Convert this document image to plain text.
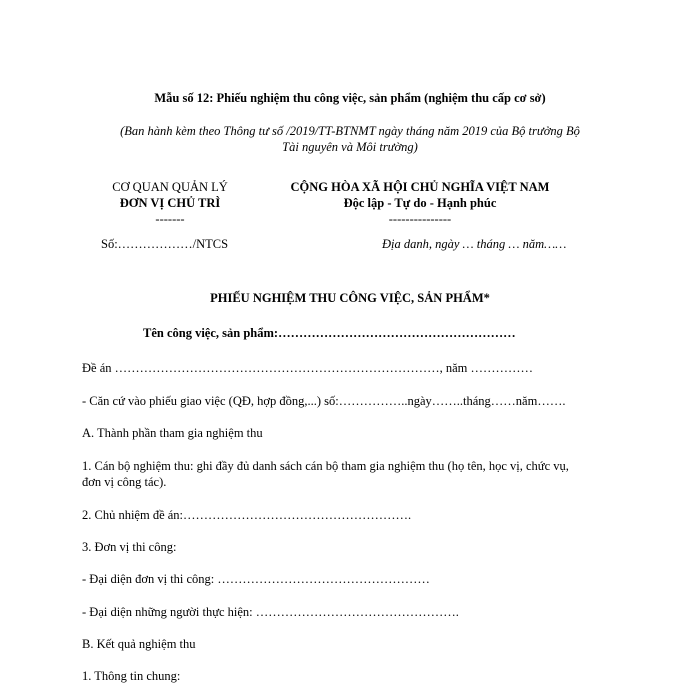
Mẫu số 12: Phiếu nghiệm thu công việc, sản phẩm (nghiệm thu cấp cơ sở)
(Ban hành kèm theo Thông tư số /2019/TT-BTNMT ngày tháng năm 2019 của Bộ trưởng Bộ
Tài nguyên và Môi trường)
CƠ QUAN QUẢN LÝ
ĐƠN VỊ CHỦ TRÌ
-------
Số:………………/NTCS
CỘNG HÒA XÃ HỘI CHỦ NGHĨA VIỆT NAM
Độc lập - Tự do - Hạnh phúc
---------------
Địa danh, ngày … tháng … năm……
PHIẾU NGHIỆM THU CÔNG VIỆC, SẢN PHẨM*
Tên công việc, sản phẩm:…………………………………………………
Đề án ……………………………………………………………………, năm ……………
- Căn cứ vào phiếu giao việc (QĐ, hợp đồng,...) số:……………..ngày……..tháng……năm…….
A. Thành phần tham gia nghiệm thu
1. Cán bộ nghiệm thu: ghi đầy đủ danh sách cán bộ tham gia nghiệm thu (họ tên, học vị, chức vụ,
đơn vị công tác).
2. Chủ nhiệm đề án:……………………………………………….
3. Đơn vị thi công:
- Đại diện đơn vị thi công: ……………………………………………
- Đại diện những người thực hiện: ………………………………………….
B. Kết quả nghiệm thu
1. Thông tin chung:
